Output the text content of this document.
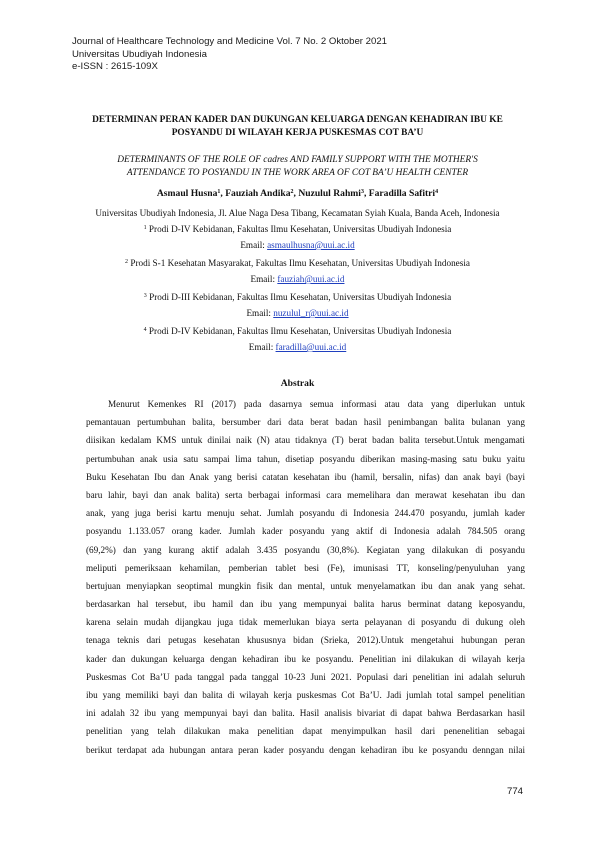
Journal of Healthcare Technology and Medicine Vol. 7 No. 2 Oktober 2021
Universitas Ubudiyah Indonesia
e-ISSN : 2615-109X
DETERMINAN PERAN KADER DAN DUKUNGAN KELUARGA DENGAN KEHADIRAN IBU KE
POSYANDU DI WILAYAH KERJA PUSKESMAS COT BA’U
DETERMINANTS OF THE ROLE OF cadres AND FAMILY SUPPORT WITH THE MOTHER'S
ATTENDANCE TO POSYANDU IN THE WORK AREA OF COT BA’U HEALTH CENTER
Asmaul Husna$^1$, Fauziah Andika$^2$, Nuzulul Rahmi$^3$, Faradilla Safitri$^4$
Universitas Ubudiyah Indonesia, Jl. Alue Naga Desa Tibang, Kecamatan Syiah Kuala, Banda Aceh, Indonesia
$^1$ Prodi D-IV Kebidanan, Fakultas Ilmu Kesehatan, Universitas Ubudiyah Indonesia
Email: asmaulhusna@uui.ac.id
$^2$ Prodi S-1 Kesehatan Masyarakat, Fakultas Ilmu Kesehatan, Universitas Ubudiyah Indonesia
Email: fauziah@uui.ac.id
$^3$ Prodi D-III Kebidanan, Fakultas Ilmu Kesehatan, Universitas Ubudiyah Indonesia
Email: nuzulul_r@uui.ac.id
$^4$ Prodi D-IV Kebidanan, Fakultas Ilmu Kesehatan, Universitas Ubudiyah Indonesia
Email: faradilla@uui.ac.id
Abstrak
Menurut Kemenkes RI (2017) pada dasarnya semua informasi atau data yang diperlukan untuk
pemantauan pertumbuhan balita, bersumber dari data berat badan hasil penimbangan balita bulanan yang
diisikan kedalam KMS untuk dinilai naik (N) atau tidaknya (T) berat badan balita tersebut.Untuk mengamati
pertumbuhan anak usia satu sampai lima tahun, disetiap posyandu diberikan masing-masing satu buku yaitu
Buku Kesehatan Ibu dan Anak yang berisi catatan kesehatan ibu (hamil, bersalin, nifas) dan anak bayi (bayi
baru lahir, bayi dan anak balita) serta berbagai informasi cara memelihara dan merawat kesehatan ibu dan
anak, yang juga berisi kartu menuju sehat. Jumlah posyandu di Indonesia 244.470 posyandu, jumlah kader
posyandu 1.133.057 orang kader. Jumlah kader posyandu yang aktif di Indonesia adalah 784.505 orang
(69,2%) dan yang kurang aktif adalah 3.435 posyandu (30,8%). Kegiatan yang dilakukan di posyandu
meliputi pemeriksaan kehamilan, pemberian tablet besi (Fe), imunisasi TT, konseling/penyuluhan yang
bertujuan menyiapkan seoptimal mungkin fisik dan mental, untuk menyelamatkan ibu dan anak yang sehat.
berdasarkan hal tersebut, ibu hamil dan ibu yang mempunyai balita harus berminat datang keposyandu,
karena selain mudah dijangkau juga tidak memerlukan biaya serta pelayanan di posyandu di dukung oleh
tenaga teknis dari petugas kesehatan khususnya bidan (Srieka, 2012).Untuk mengetahui hubungan peran
kader dan dukungan keluarga dengan kehadiran ibu ke posyandu. Penelitian ini dilakukan di wilayah kerja
Puskesmas Cot Ba’U pada tanggal pada tanggal 10-23 Juni 2021. Populasi dari penelitian ini adalah seluruh
ibu yang memiliki bayi dan balita di wilayah kerja puskesmas Cot Ba’U. Jadi jumlah total sampel penelitian
ini adalah 32 ibu yang mempunyai bayi dan balita. Hasil analisis bivariat di dapat bahwa Berdasarkan hasil
penelitian yang telah dilakukan maka penelitian dapat menyimpulkan hasil dari penenelitian sebagai
berikut terdapat ada hubungan antara peran kader posyandu dengan kehadiran ibu ke posyandu denngan nilai
774
